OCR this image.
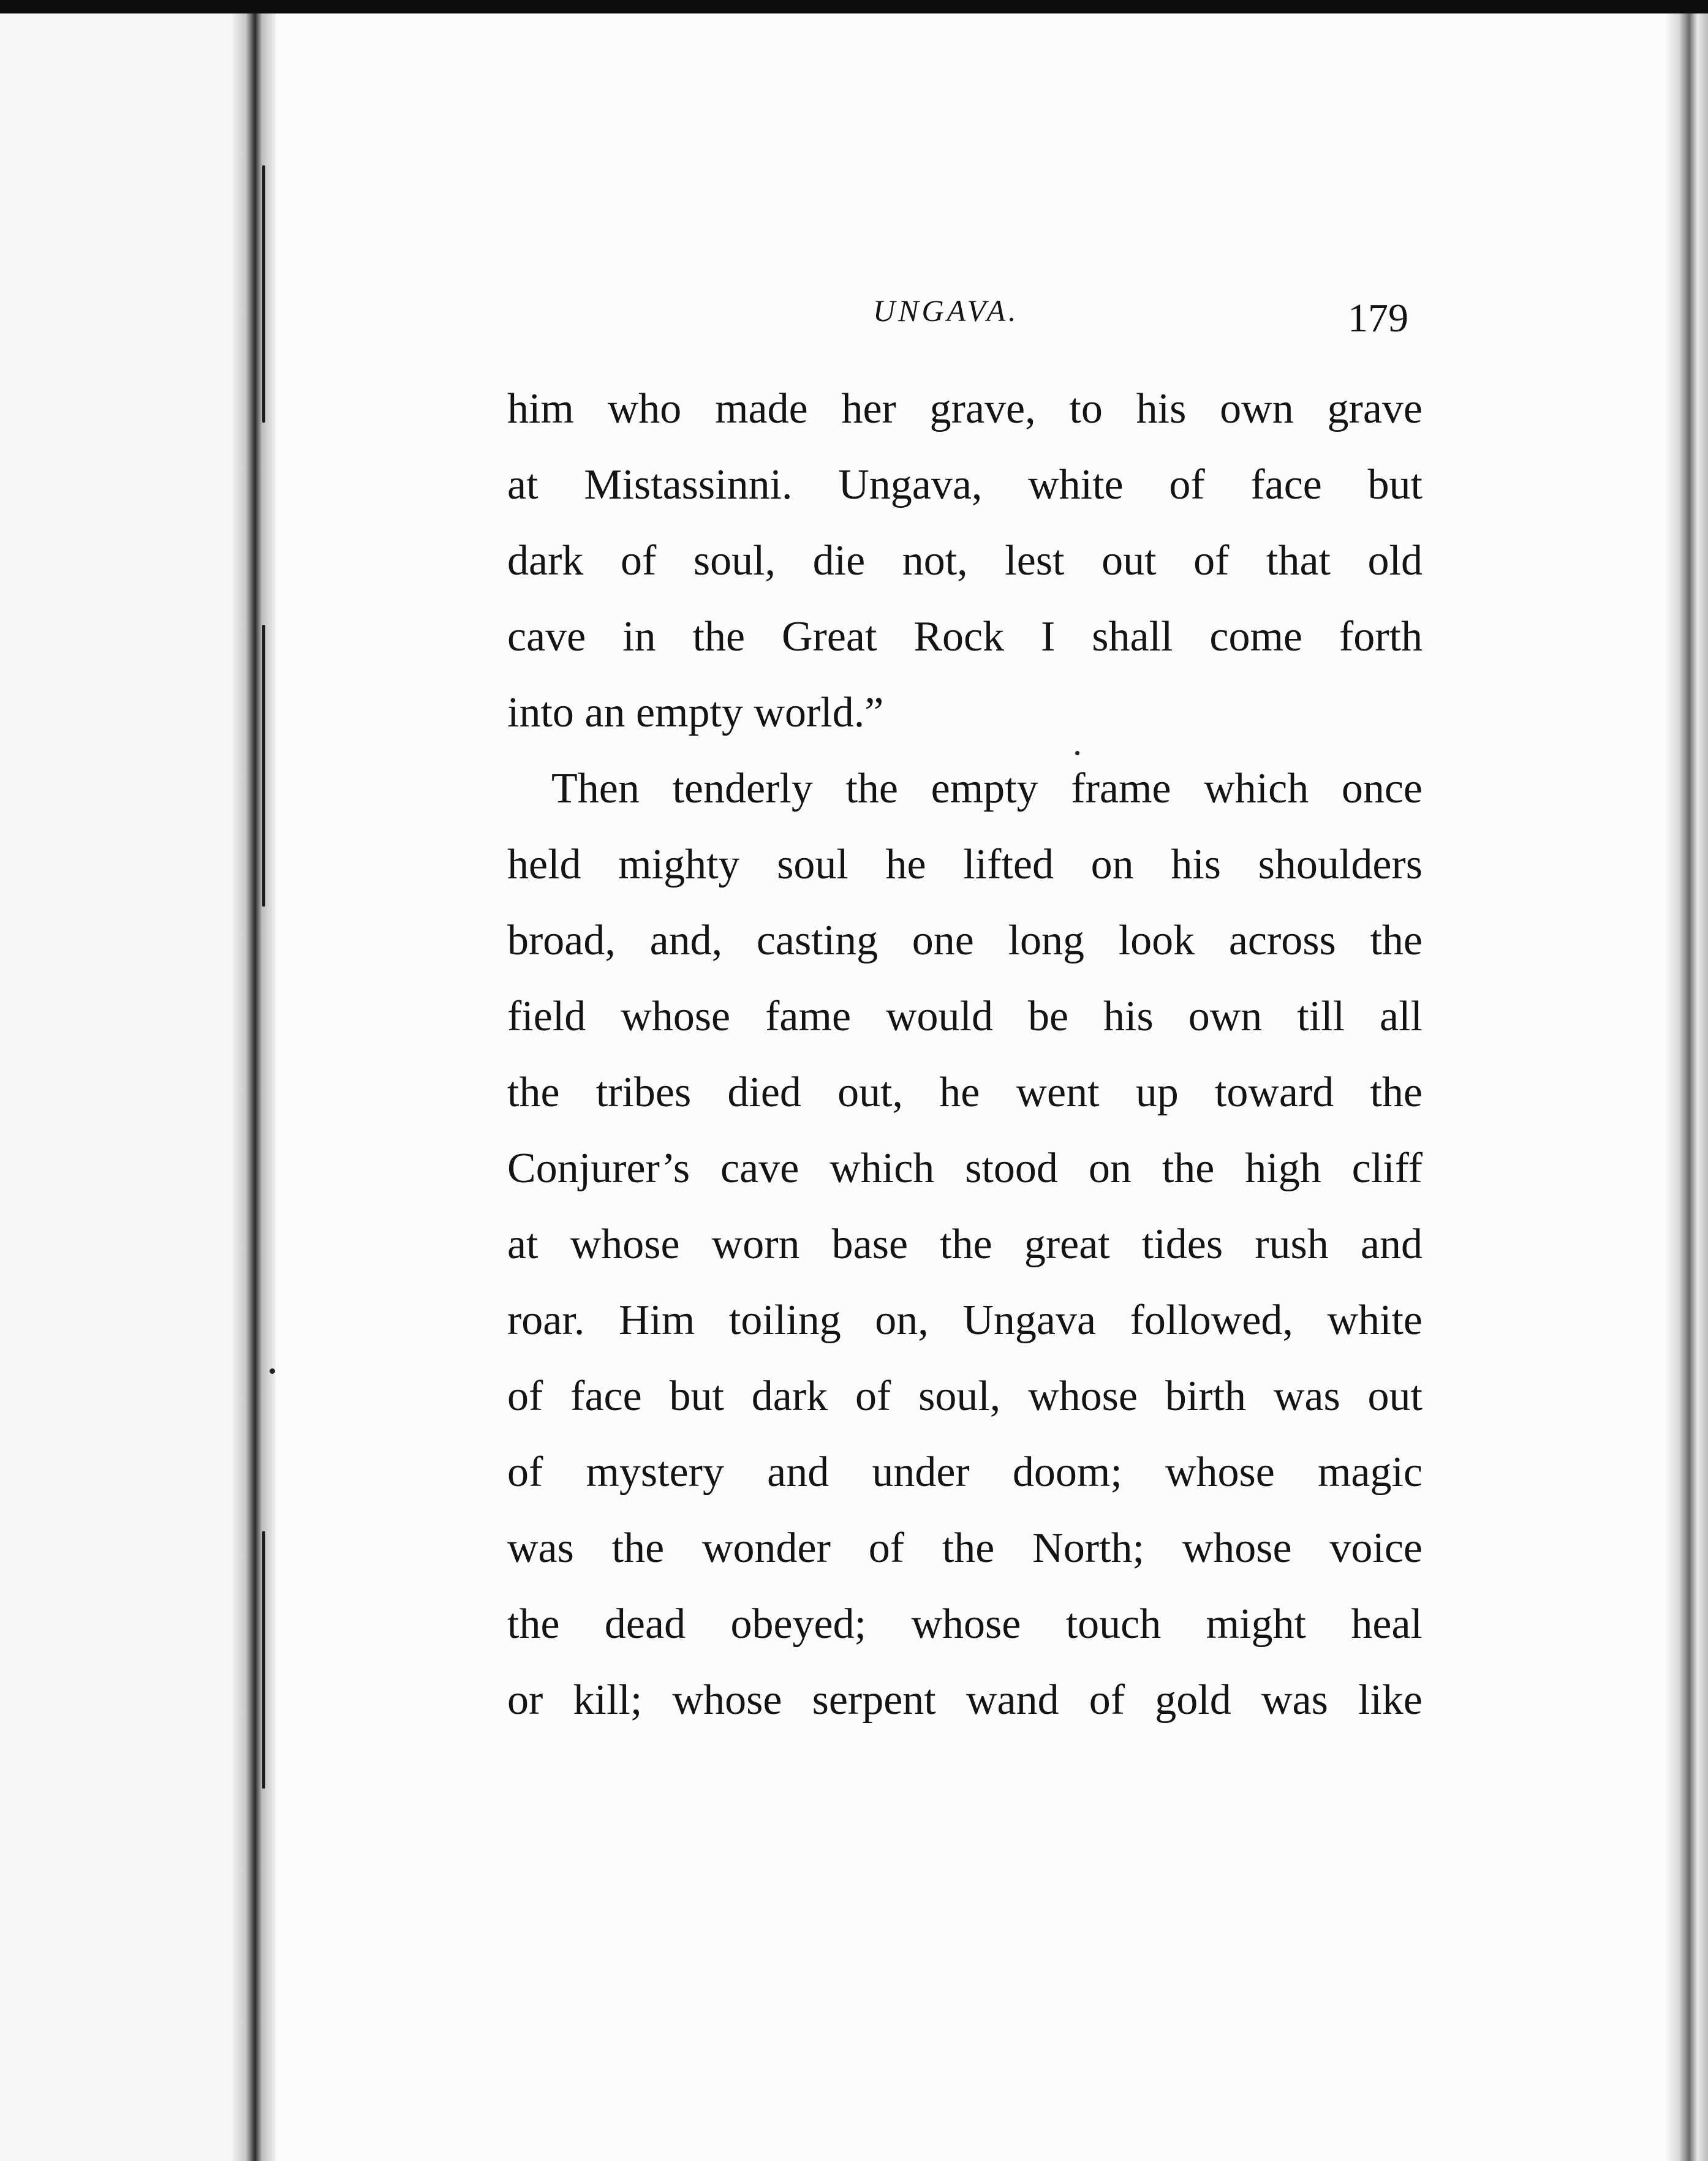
UNGAVA.	179
him who made her grave, to his own grave
at Mistassinni. Ungava, white of face but
dark of soul, die not, lest out of that old
cave in the Great Rock I shall come forth
into an empty world.”
Then tenderly the empty frame which once
held mighty soul he lifted on his shoulders
broad, and, casting one long look across the
field whose fame would be his own till all
the tribes died out, he went up toward the
Conjurer’s cave which stood on the high cliff
at whose worn base the great tides rush and
roar. Him toiling on, Ungava followed, white
of face but dark of soul, whose birth was out
of mystery and under doom; whose magic
was the wonder of the North; whose voice
the dead obeyed; whose touch might heal
or kill; whose serpent wand of gold was like
